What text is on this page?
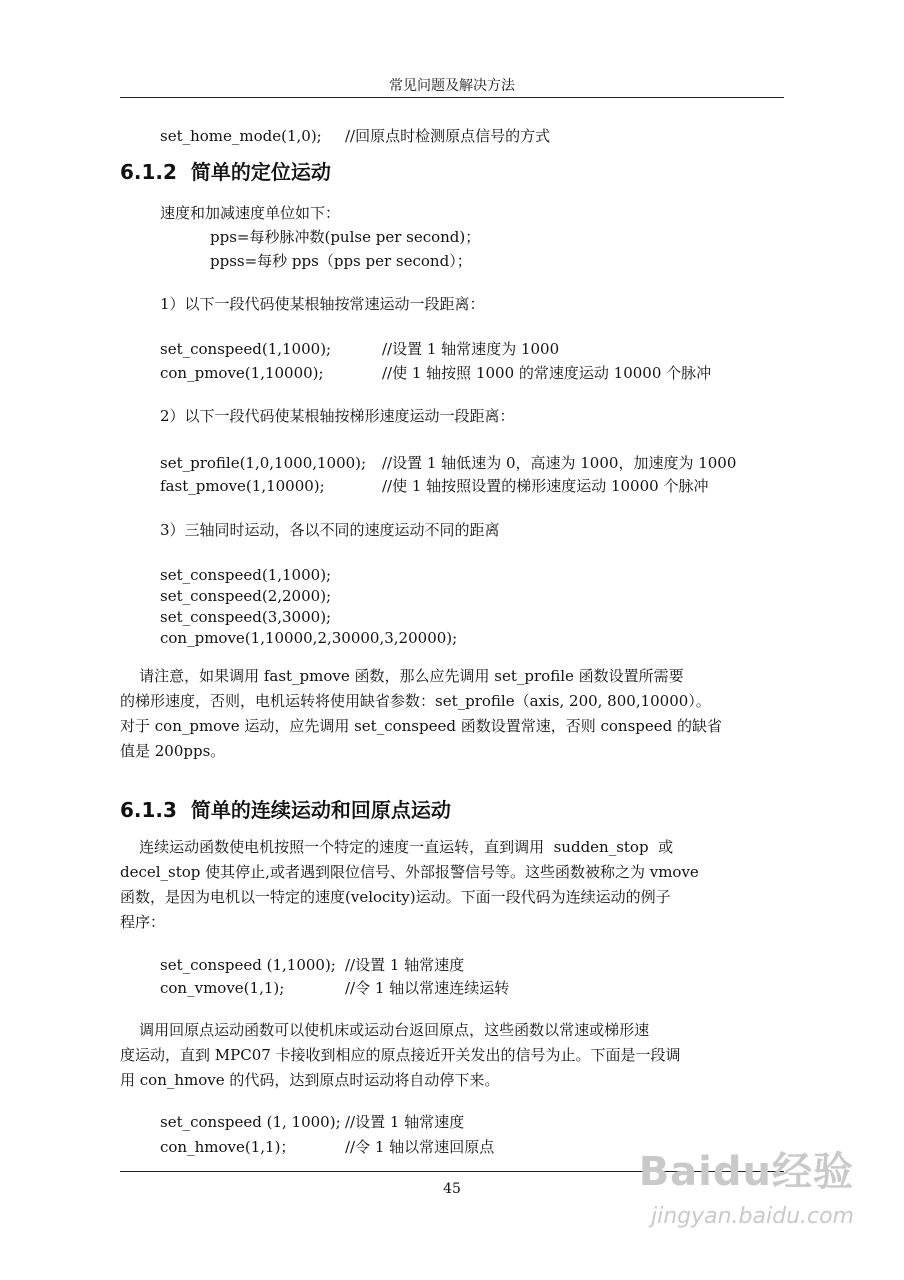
常见问题及解决方法
set_home_mode(1,0); //回原点时检测原点信号的方式
6.1.2  简单的定位运动
速度和加减速度单位如下：
pps=每秒脉冲数(pulse per second)；
ppss=每秒 pps（pps per second）；
1）以下一段代码使某根轴按常速运动一段距离：
set_conspeed(1,1000);	//设置 1 轴常速度为 1000
con_pmove(1,10000);	//使 1 轴按照 1000 的常速度运动 10000 个脉冲
2）以下一段代码使某根轴按梯形速度运动一段距离：
set_profile(1,0,1000,1000); //设置 1 轴低速为 0，高速为 1000，加速度为 1000
fast_pmove(1,10000);	//使 1 轴按照设置的梯形速度运动 10000 个脉冲
3）三轴同时运动，各以不同的速度运动不同的距离
set_conspeed(1,1000);
set_conspeed(2,2000);
set_conspeed(3,3000);
con_pmove(1,10000,2,30000,3,20000);

请注意，如果调用 fast_pmove 函数，那么应先调用 set_profile 函数设置所需要

的梯形速度，否则，电机运转将使用缺省参数：set_profile（axis, 200, 800,10000）。

对于 con_pmove 运动，应先调用 set_conspeed 函数设置常速，否则 conspeed 的缺省

值是 200pps。

6.1.3  简单的连续运动和回原点运动

连续运动函数使电机按照一个特定的速度一直运转，直到调用  sudden_stop  或

decel_stop 使其停止,或者遇到限位信号、外部报警信号等。这些函数被称之为 vmove

函数，是因为电机以一特定的速度(velocity)运动。下面一段代码为连续运动的例子

程序：

set_conspeed (1,1000); //设置 1 轴常速度
con_vmove(1,1);	//令 1 轴以常速连续运转

调用回原点运动函数可以使机床或运动台返回原点，这些函数以常速或梯形速

度运动，直到 MPC07 卡接收到相应的原点接近开关发出的信号为止。下面是一段调

用 con_hmove 的代码，达到原点时运动将自动停下来。

set_conspeed (1, 1000); //设置 1 轴常速度
con_hmove(1,1)；	//令 1 轴以常速回原点
45	Baidu经验
jingyan.baidu.com
